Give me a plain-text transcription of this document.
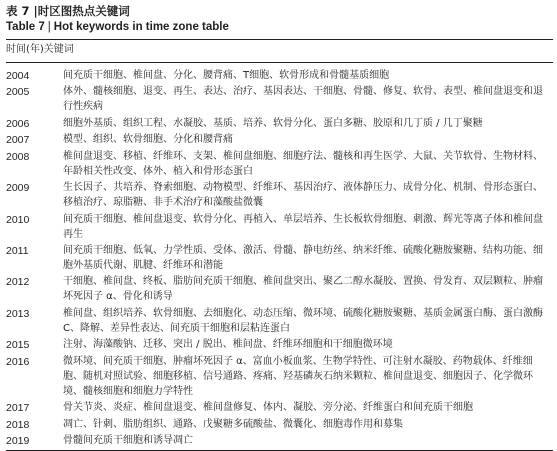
表 7 |时区图热点关键词
Table 7 | Hot keywords in time zone table
时间(年)关键词
2004	间充质干细胞、椎间盘、分化、腰背痛、T细胞、软骨形成和骨髓基质细胞
2005	体外、髓核细胞、退变、再生、表达、治疗、基因表达、干细胞、骨髓、修复、软骨、表型、椎间盘退变和退行性疾病
2006	细胞外基质、组织工程、水凝胶、基质、培养、软骨分化、蛋白多糖、胶原和几丁质 / 几丁聚糖
2007	模型、组织、软骨细胞、分化和腰背痛
2008	椎间盘退变、移植、纤维环、支架、椎间盘细胞、细胞疗法、髓核和再生医学、大鼠、关节软骨、生物材料、年龄相关性改变、体外、植入和骨形态蛋白
2009	生长因子、共培养、脊索细胞、动物模型、纤维环、基因治疗、液体静压力、成骨分化、机制、骨形态蛋白、移植治疗、琼脂糖、非手术治疗和藻酸盐微囊
2010	间充质干细胞、椎间盘退变、软骨分化、再植入、单层培养、生长板软骨细胞、刺激、辉光等离子体和椎间盘再生
2011	间充质干细胞、低氧、力学性质、受体、激活、骨髓、静电纺丝、纳米纤维、硫酸化糖胺聚糖、结构功能、细胞外基质代谢、肌腱、纤维环和潜能
2012	干细胞、椎间盘、终板、脂肪间充质干细胞、椎间盘突出、聚乙二醇水凝胶、置换、骨发育、双层颗粒、肿瘤坏死因子 α、骨化和诱导
2013	椎间盘、组织培养、软骨细胞、去细胞化、动态压缩、微环境、硫酸化糖胺聚糖、基质金属蛋白酶、蛋白激酶 C、降解、差异性表达、间充质干细胞和层粘连蛋白
2015	注射、海藻酸钠、迁移、突出 / 脱出、椎间盘、纤维环细胞和干细胞微环境
2016	微环境、间充质干细胞、肿瘤坏死因子 α、富血小板血浆、生物学特性、可注射水凝胶、药物载体、纤维细胞、随机对照试验、细胞移植、信号通路、疼痛、羟基磷灰石纳米颗粒、椎间盘退变、细胞因子、化学微环境、髓核细胞和细胞力学特性
2017	骨关节炎、炎症、椎间盘退变、椎间盘修复、体内、凝胶、旁分泌、纤维蛋白和间充质干细胞
2018	凋亡、针刺、脂肪组织、通路、戊聚糖多硫酸盐、微囊化、细胞毒作用和募集
2019	骨髓间充质干细胞和诱导凋亡
